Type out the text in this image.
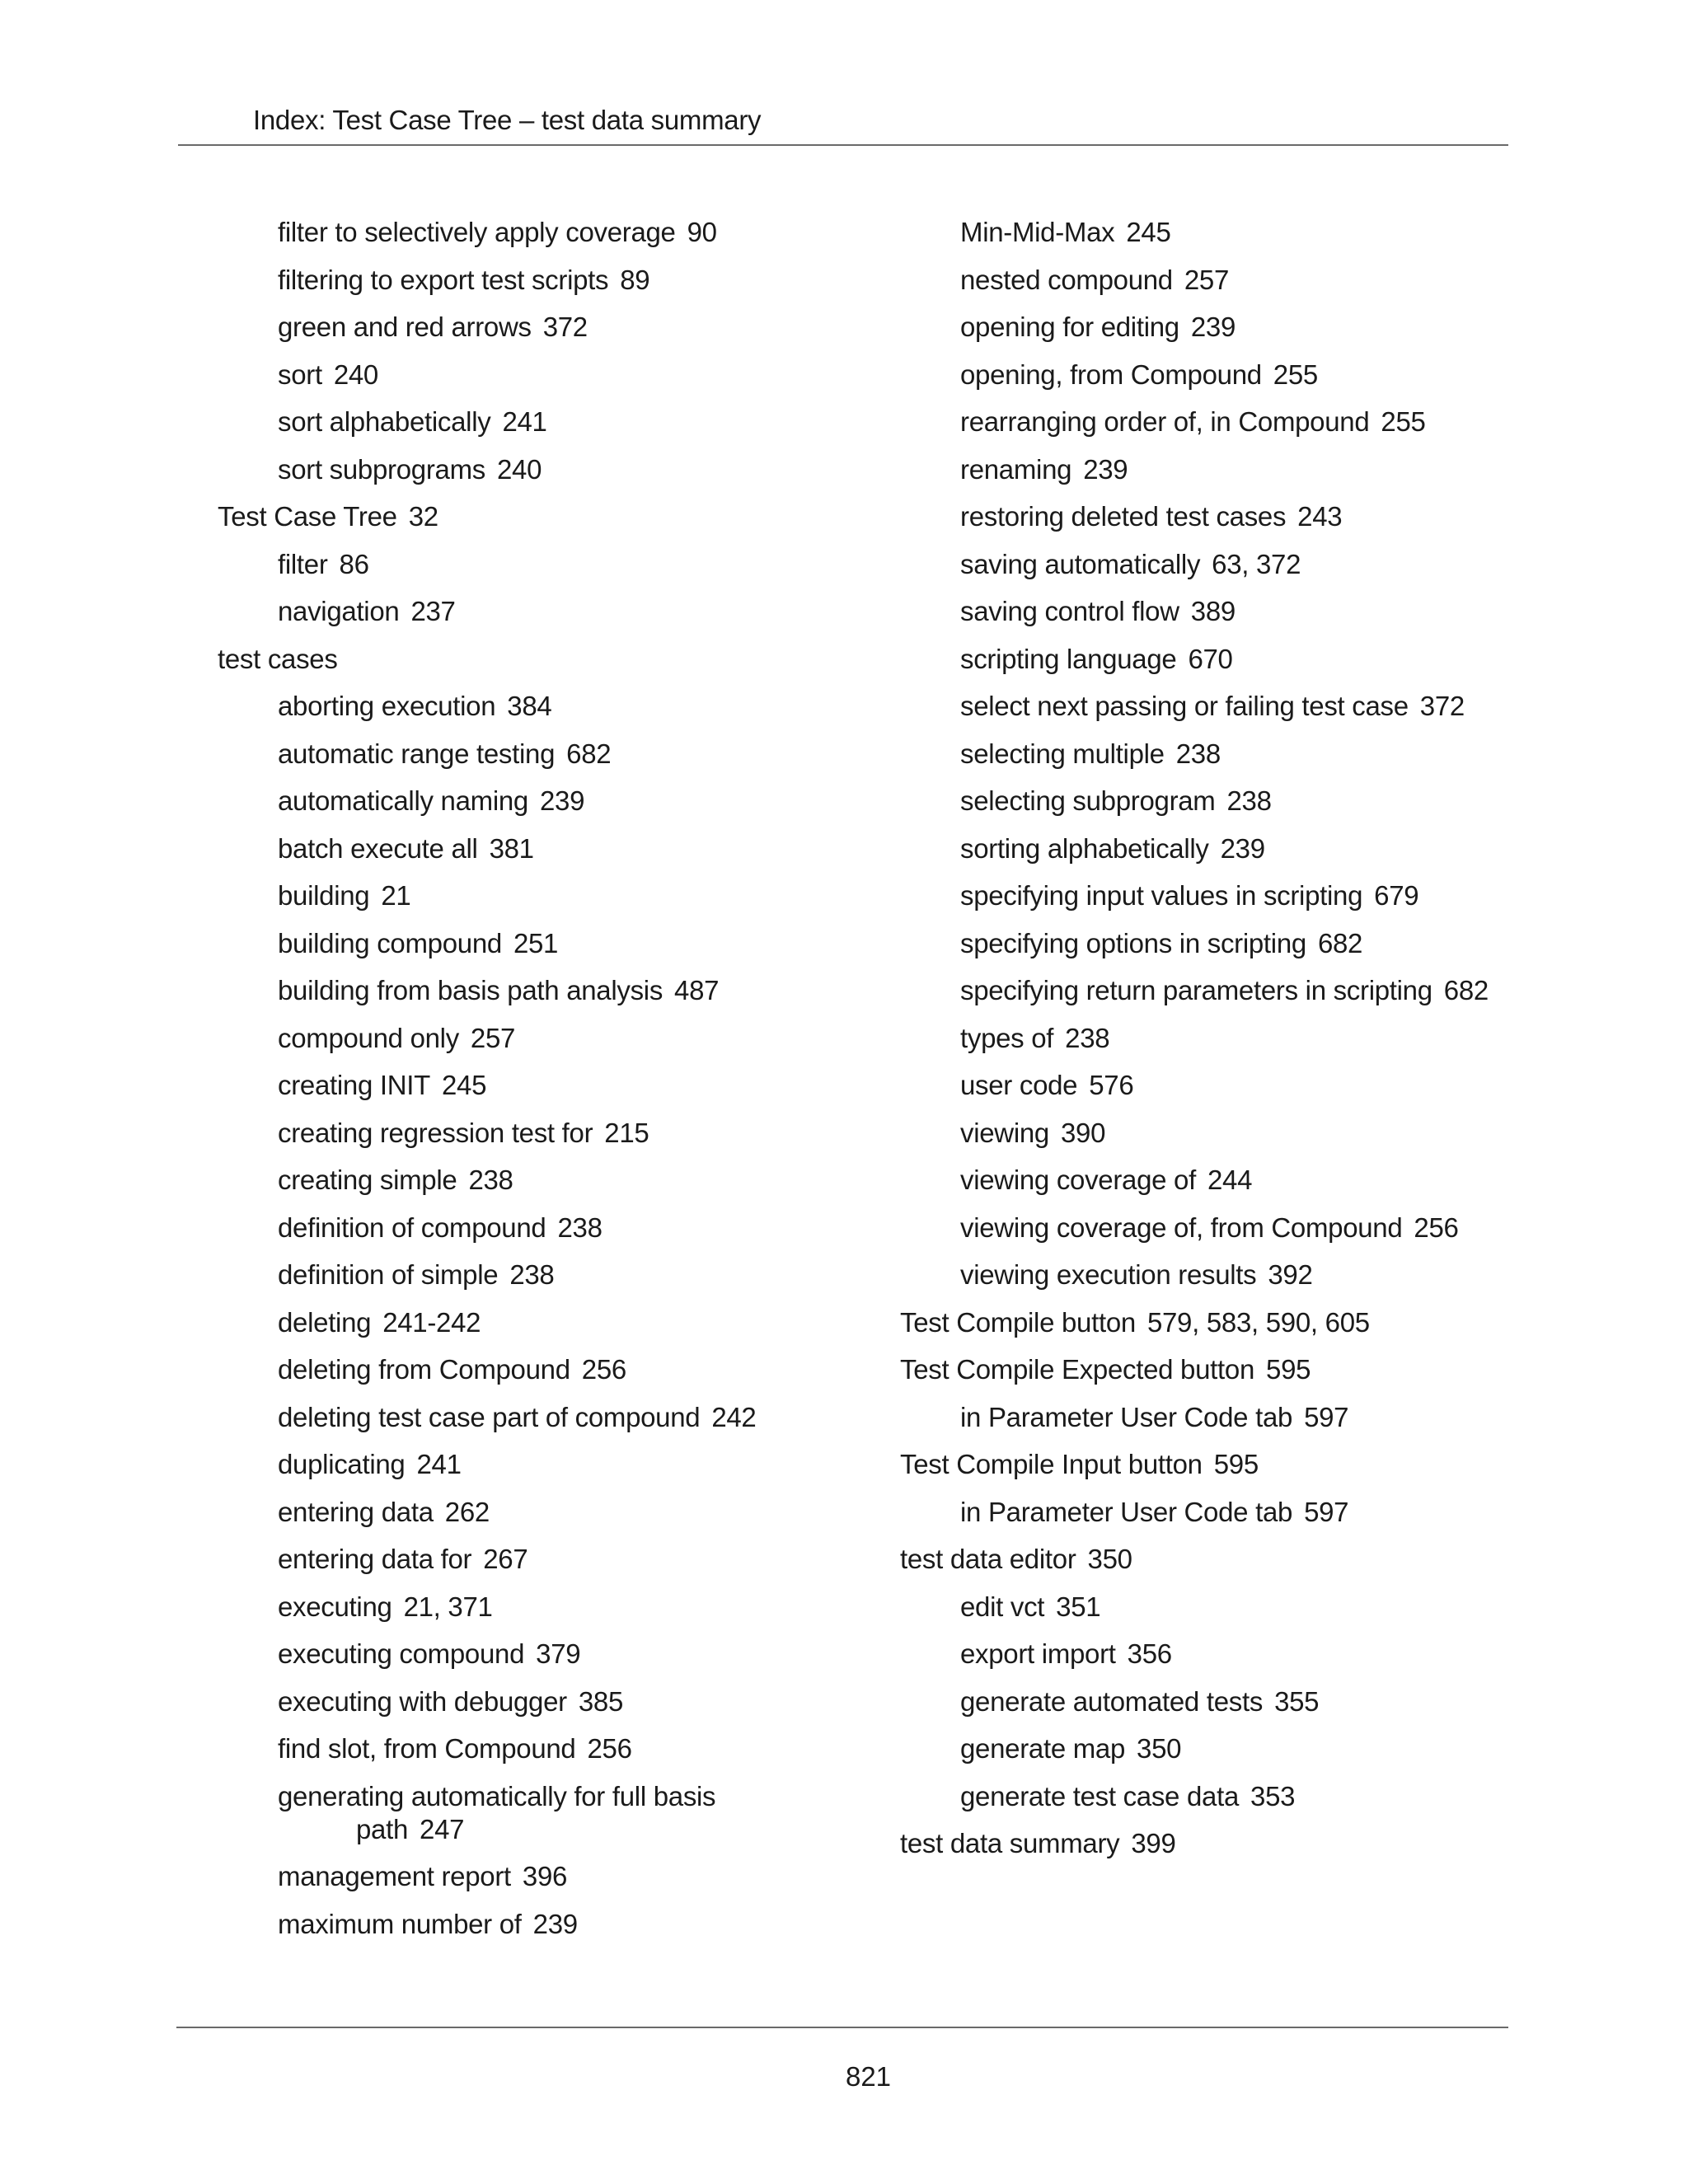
Index: Test Case Tree – test data summary
filter to selectively apply coverage 90
filtering to export test scripts 89
green and red arrows 372
sort 240
sort alphabetically 241
sort subprograms 240
Test Case Tree 32
filter 86
navigation 237
test cases
aborting execution 384
automatic range testing 682
automatically naming 239
batch execute all 381
building 21
building compound 251
building from basis path analysis 487
compound only 257
creating INIT 245
creating regression test for 215
creating simple 238
definition of compound 238
definition of simple 238
deleting 241-242
deleting from Compound 256
deleting test case part of compound 242
duplicating 241
entering data 262
entering data for 267
executing 21, 371
executing compound 379
executing with debugger 385
find slot, from Compound 256
generating automatically for full basis
path 247
management report 396
maximum number of 239
Min-Mid-Max 245
nested compound 257
opening for editing 239
opening, from Compound 255
rearranging order of, in Compound 255
renaming 239
restoring deleted test cases 243
saving automatically 63, 372
saving control flow 389
scripting language 670
select next passing or failing test case 372
selecting multiple 238
selecting subprogram 238
sorting alphabetically 239
specifying input values in scripting 679
specifying options in scripting 682
specifying return parameters in scripting 682
types of 238
user code 576
viewing 390
viewing coverage of 244
viewing coverage of, from Compound 256
viewing execution results 392
Test Compile button 579, 583, 590, 605
Test Compile Expected button 595
in Parameter User Code tab 597
Test Compile Input button 595
in Parameter User Code tab 597
test data editor 350
edit vct 351
export import 356
generate automated tests 355
generate map 350
generate test case data 353
test data summary 399
821
